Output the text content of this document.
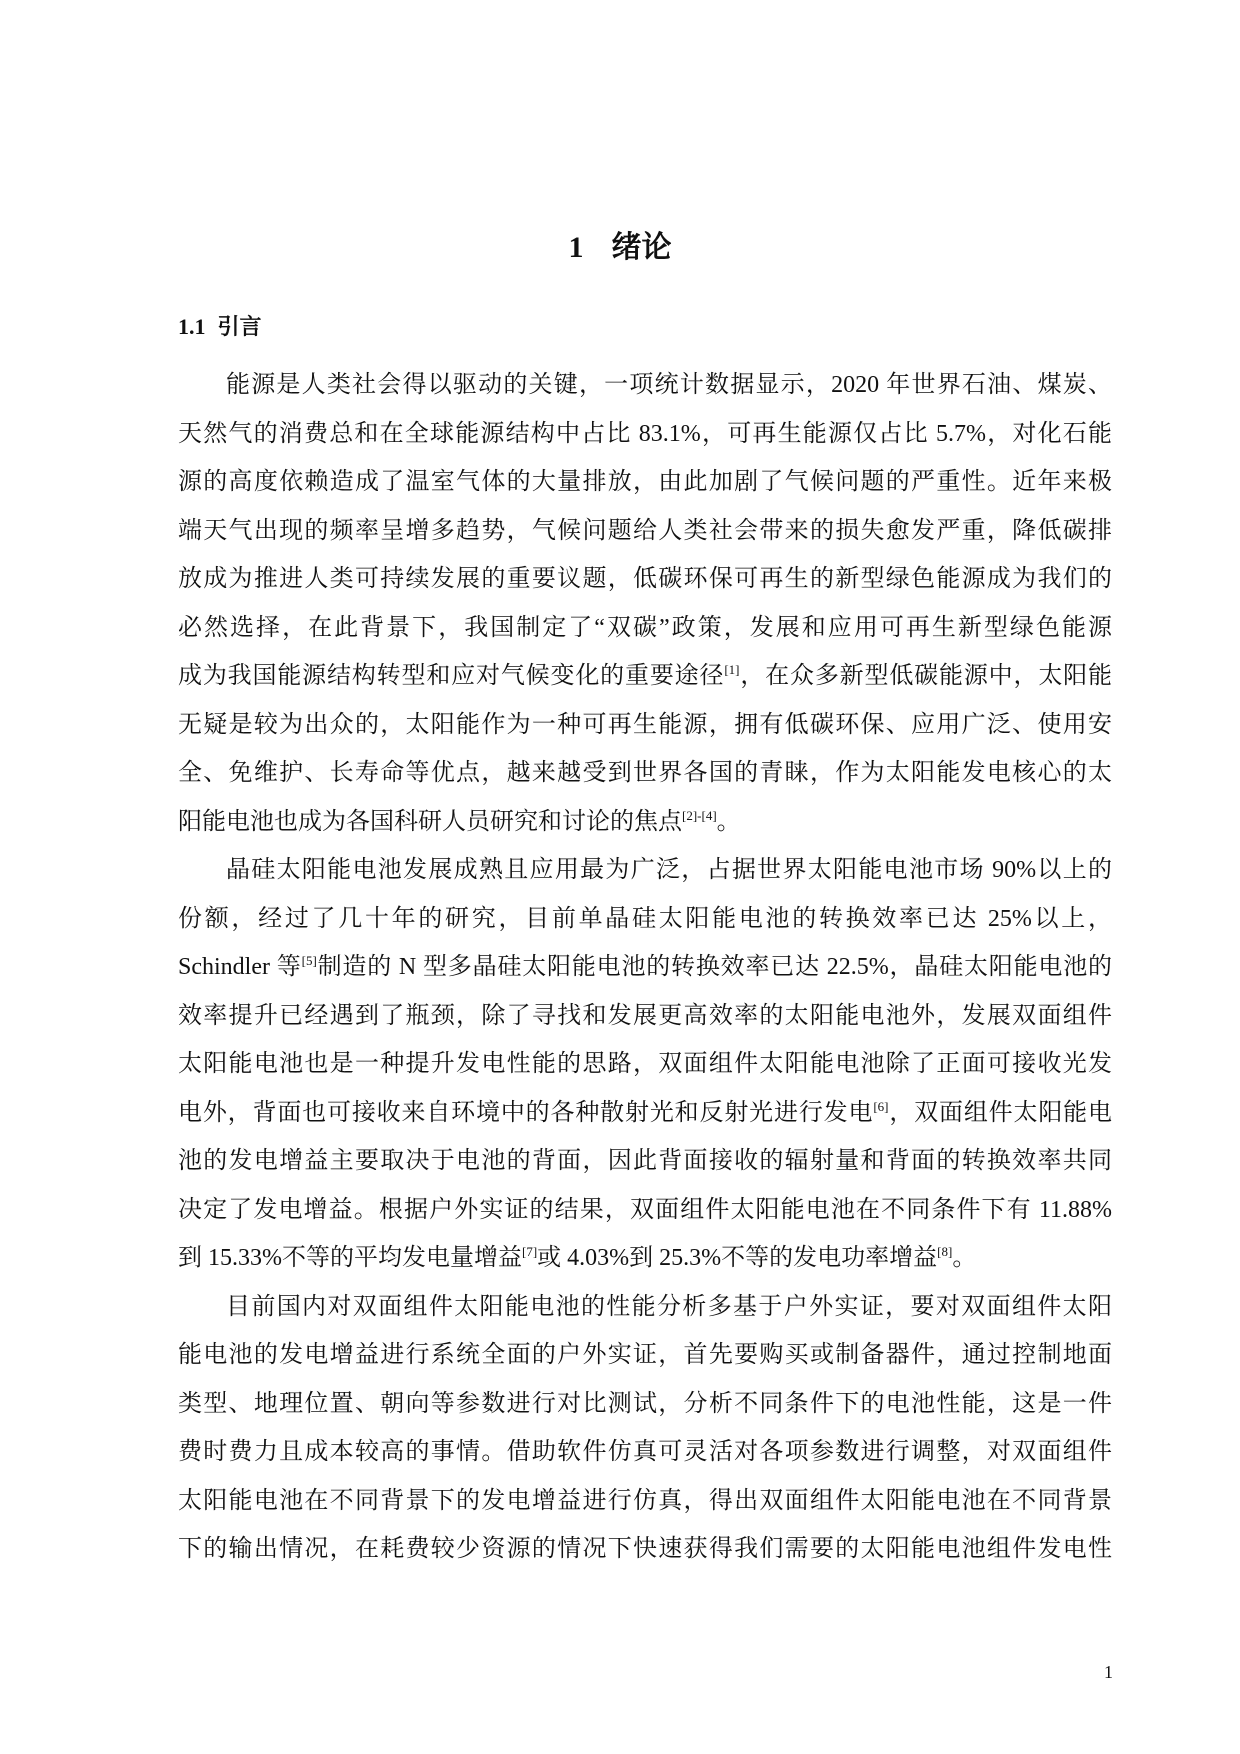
1 绪论
1.1 引言
能源是人类社会得以驱动的关键，一项统计数据显示，2020 年世界石油、煤炭、
天然气的消费总和在全球能源结构中占比 83.1%，可再生能源仅占比 5.7%，对化石能
源的高度依赖造成了温室气体的大量排放，由此加剧了气候问题的严重性。近年来极
端天气出现的频率呈增多趋势，气候问题给人类社会带来的损失愈发严重，降低碳排
放成为推进人类可持续发展的重要议题，低碳环保可再生的新型绿色能源成为我们的
必然选择，在此背景下，我国制定了“双碳”政策，发展和应用可再生新型绿色能源
成为我国能源结构转型和应对气候变化的重要途径[1]，在众多新型低碳能源中，太阳能
无疑是较为出众的，太阳能作为一种可再生能源，拥有低碳环保、应用广泛、使用安
全、免维护、长寿命等优点，越来越受到世界各国的青睐，作为太阳能发电核心的太
阳能电池也成为各国科研人员研究和讨论的焦点[2]-[4]。
晶硅太阳能电池发展成熟且应用最为广泛，占据世界太阳能电池市场 90%以上的
份额，经过了几十年的研究，目前单晶硅太阳能电池的转换效率已达 25%以上，
Schindler 等[5]制造的 N 型多晶硅太阳能电池的转换效率已达 22.5%，晶硅太阳能电池的
效率提升已经遇到了瓶颈，除了寻找和发展更高效率的太阳能电池外，发展双面组件
太阳能电池也是一种提升发电性能的思路，双面组件太阳能电池除了正面可接收光发
电外，背面也可接收来自环境中的各种散射光和反射光进行发电[6]，双面组件太阳能电
池的发电增益主要取决于电池的背面，因此背面接收的辐射量和背面的转换效率共同
决定了发电增益。根据户外实证的结果，双面组件太阳能电池在不同条件下有 11.88%
到 15.33%不等的平均发电量增益[7]或 4.03%到 25.3%不等的发电功率增益[8]。
目前国内对双面组件太阳能电池的性能分析多基于户外实证，要对双面组件太阳
能电池的发电增益进行系统全面的户外实证，首先要购买或制备器件，通过控制地面
类型、地理位置、朝向等参数进行对比测试，分析不同条件下的电池性能，这是一件
费时费力且成本较高的事情。借助软件仿真可灵活对各项参数进行调整，对双面组件
太阳能电池在不同背景下的发电增益进行仿真，得出双面组件太阳能电池在不同背景
下的输出情况，在耗费较少资源的情况下快速获得我们需要的太阳能电池组件发电性
1
